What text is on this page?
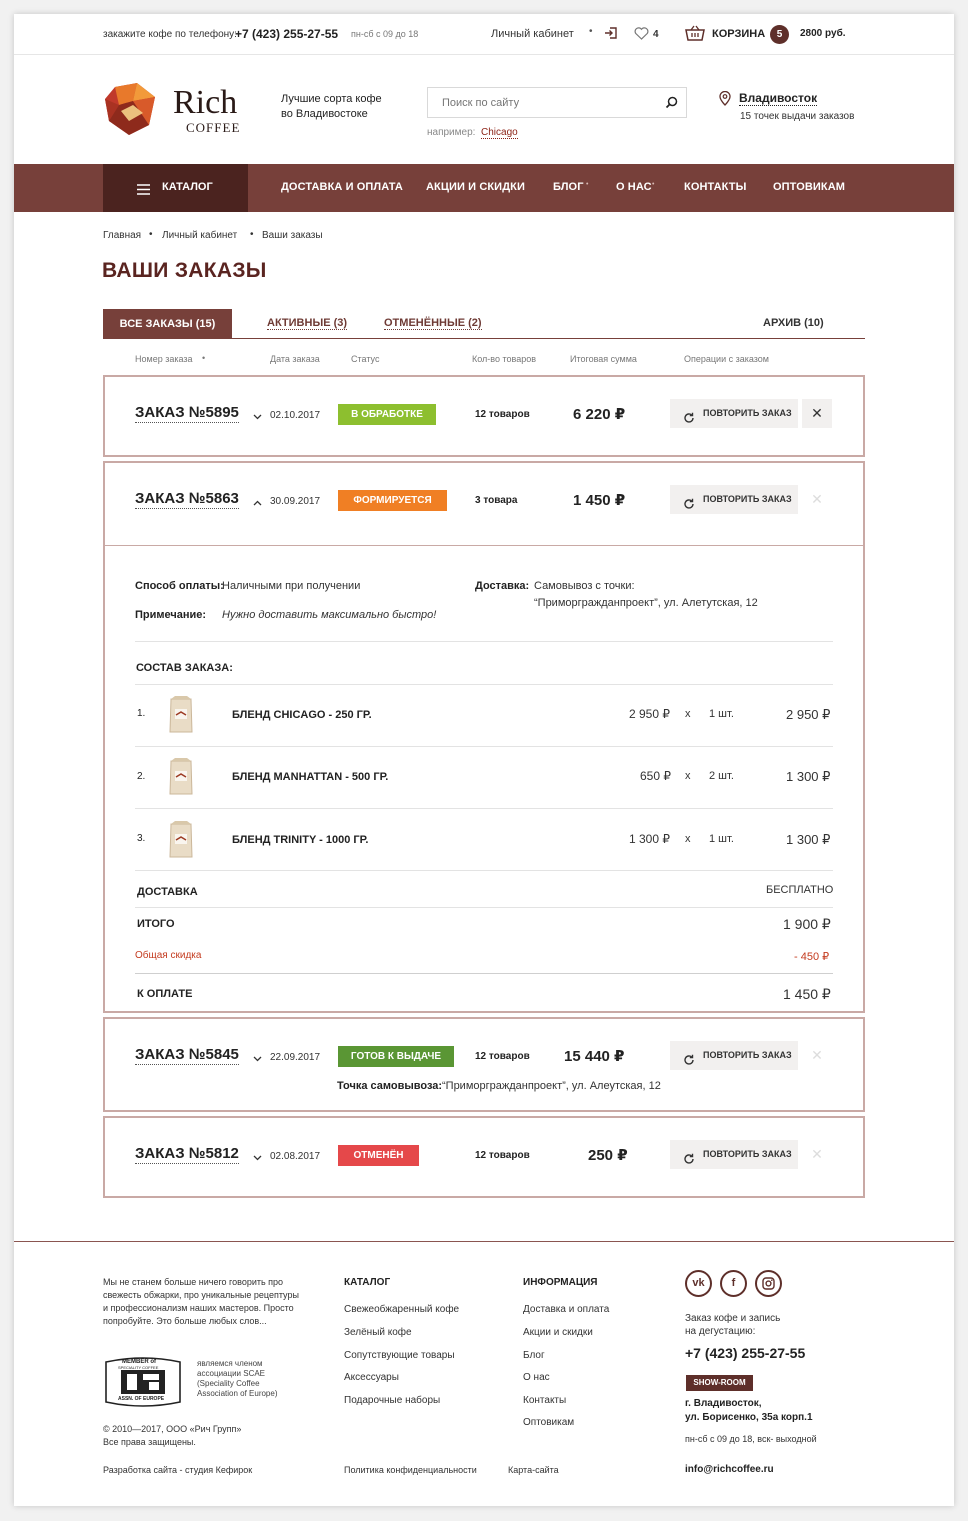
закажите кофе по телефону:
+7 (423) 255-27-55 пн-сб с 09 до 18	Личный кабинет •	4	КОРЗИНА	5	2800 руб.
Rich
COFFEE
Лучшие сорта кофе
во Владивостоке
Поиск по сайту
например: Chicago
Владивосток
15 точек выдачи заказов
КАТАЛОГ	ДОСТАВКА И ОПЛАТА АКЦИИ И СКИДКИ	БЛОГ •	О НАС •	КОНТАКТЫ ОПТОВИКАМ
Главная • Личный кабинет • Ваши заказы
ВАШИ ЗАКАЗЫ
ВСЕ ЗАКАЗЫ (15)	АКТИВНЫЕ (3)	ОТМЕНЁННЫЕ (2)	АРХИВ (10)
Номер заказа •	Дата заказа	Статус	Кол-во товаров	Итоговая сумма	Операции с заказом
ЗАКАЗ №5895	02.10.2017	В ОБРАБОТКЕ	12 товаров	6 220 ₽	ПОВТОРИТЬ ЗАКАЗ	✕
ЗАКАЗ №5863	30.09.2017	ФОРМИРУЕТСЯ	3 товара	1 450 ₽	ПОВТОРИТЬ ЗАКАЗ	✕
Способ оплаты:
Наличными при получении
Примечание: Нужно доставить максимально быстро!
Доставка: Самовывоз с точки:
“Приморгражданпроект”, ул. Алетутская, 12
СОСТАВ ЗАКАЗА:
1.	БЛЕНД CHICAGO - 250 ГР.	2 950 ₽ x 1 шт.	2 950 ₽
2.	БЛЕНД MANHATTAN - 500 ГР.	650 ₽ x 2 шт.	1 300 ₽
3.	БЛЕНД TRINITY - 1000 ГР.	1 300 ₽ x 1 шт.	1 300 ₽
ДОСТАВКА	БЕСПЛАТНО
ИТОГО	1 900 ₽
Общая скидка	- 450 ₽
К ОПЛАТЕ	1 450 ₽
ЗАКАЗ №5845	22.09.2017	ГОТОВ К ВЫДАЧЕ	12 товаров 15 440 ₽	ПОВТОРИТЬ ЗАКАЗ	✕
Точка самовывоза: “Приморгражданпроект”, ул. Алеутская, 12
ЗАКАЗ №5812	02.08.2017	ОТМЕНЁН	12 товаров	250 ₽	ПОВТОРИТЬ ЗАКАЗ	✕
Мы не станем больше ничего говорить про свежесть обжарки, про уникальные рецептуры и профессионализм наших мастеров. Просто попробуйте. Это больше любых слов...
MEMBER of
SPECIALITY COFFEE
ASSN. OF EUROPE
являемся членом ассоциации SCAE (Speciality Coffee Association of Europe)
© 2010—2017, ООО «Рич Групп»
Все права защищены.
Разработка сайта - студия Кефирок
КАТАЛОГ
Свежеобжаренный кофе
Зелёный кофе
Сопутствующие товары
Аксессуары
Подарочные наборы
Политика конфиденциальности
ИНФОРМАЦИЯ
Доставка и оплата
Акции и скидки
Блог
О нас
Контакты
Оптовикам
Карта-сайта
vk	f
Заказ кофе и запись
на дегустацию:
+7 (423) 255-27-55
SHOW-ROOM
г. Владивосток,
ул. Борисенко, 35а корп.1
пн-сб с 09 до 18, вск- выходной
info@richcoffee.ru
